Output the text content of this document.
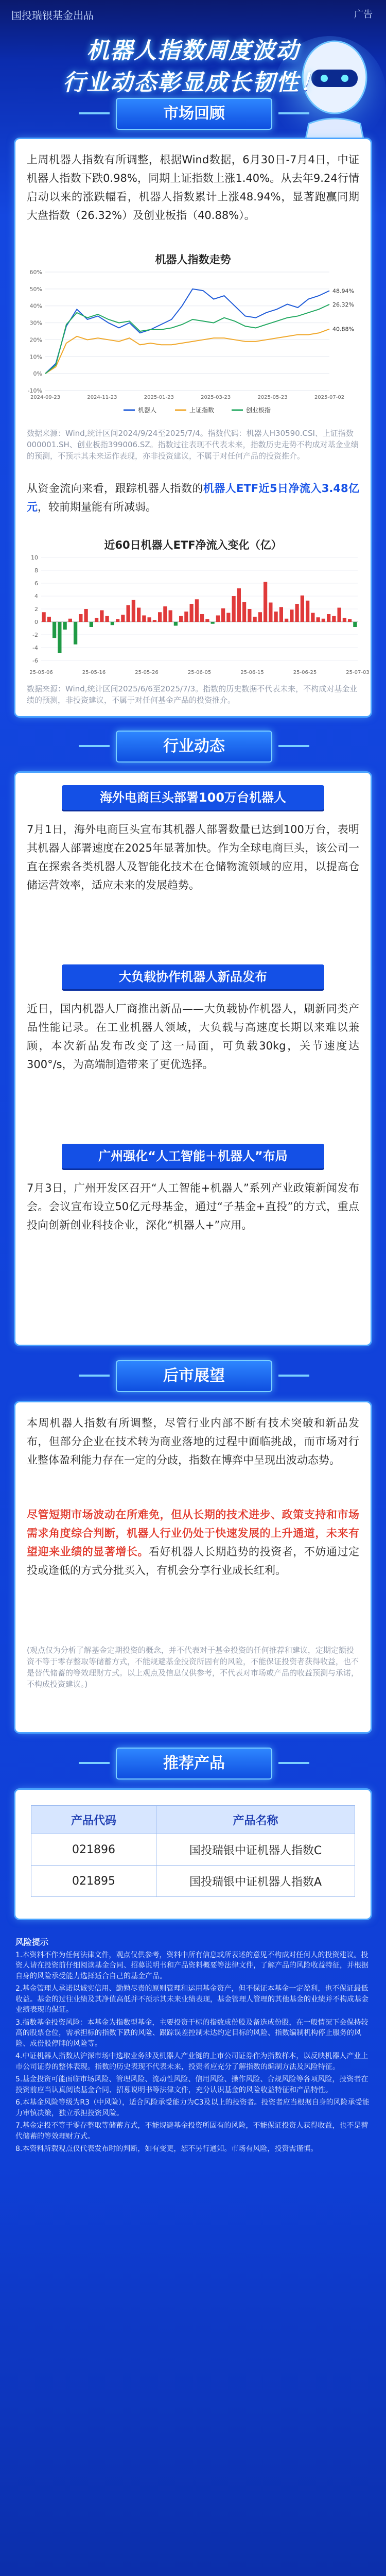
国投瑞银基金出品	广告
机器人指数周度波动
行业动态彰显成长韧性！
市场回顾
上周机器人指数有所调整，根据Wind数据，6月30日-7月4日，中证机器人指数下跌0.98%，同期上证指数上涨1.40%。从去年9.24行情启动以来的涨跌幅看，机器人指数累计上涨48.94%，显著跑赢同期大盘指数（26.32%）及创业板指（40.88%）。
机器人指数走势
-10%
0%
10%
20%
30%
40%
50%
60%
2024-09-23	2024-11-23	2025-01-23	2025-03-23	2025-05-23	2025-07-02
48.94%
40.88%
26.32%
机器人	上证指数	创业板指
数据来源：Wind,统计区间2024/9/24至2025/7/4。指数代码：机器人H30590.CSI、上证指数000001.SH、创业板指399006.SZ。指数过往表现不代表未来，指数历史走势不构成对基金业绩的预测，不预示其未来运作表现，亦非投资建议，不属于对任何产品的投资推介。
从资金流向来看，跟踪机器人指数的机器人ETF近5日净流入3.48亿元，较前期量能有所减弱。
近60日机器人ETF净流入变化（亿）
-6
-4
-2
0
2
4
6
8
10
25-05-06	25-05-16	25-05-26	25-06-05	25-06-15	25-06-25	25-07-03
数据来源：Wind,统计区间2025/6/6至2025/7/3。指数的历史数据不代表未来，不构成对基金业绩的预测，非投资建议，不属于对任何基金产品的投资推介。
行业动态
海外电商巨头部署100万台机器人
7月1日，海外电商巨头宣布其机器人部署数量已达到100万台，表明其机器人部署速度在2025年显著加快。作为全球电商巨头，该公司一直在探索各类机器人及智能化技术在仓储物流领域的应用，以提高仓储运营效率，适应未来的发展趋势。
大负载协作机器人新品发布
近日，国内机器人厂商推出新品——大负载协作机器人，刷新同类产品性能记录。在工业机器人领域，大负载与高速度长期以来难以兼顾，本次新品发布改变了这一局面，可负载30kg，关节速度达300°/s，为高端制造带来了更优选择。
广州强化“人工智能＋机器人”布局
7月3日，广州开发区召开“人工智能+机器人”系列产业政策新闻发布会。会议宣布设立50亿元母基金，通过“子基金+直投”的方式，重点投向创新创业科技企业，深化“机器人+”应用。
后市展望
本周机器人指数有所调整，尽管行业内部不断有技术突破和新品发布，但部分企业在技术转为商业落地的过程中面临挑战，而市场对行业整体盈利能力存在一定的分歧，指数在博弈中呈现出波动态势。
尽管短期市场波动在所难免，但从长期的技术进步、政策支持和市场需求角度综合判断，机器人行业仍处于快速发展的上升通道，未来有望迎来业绩的显著增长。看好机器人长期趋势的投资者，不妨通过定投或逢低的方式分批买入，有机会分享行业成长红利。
(观点仅为分析了解基金定期投资的概念，并不代表对于基金投资的任何推荐和建议，定期定额投资不等于零存整取等储蓄方式，不能规避基金投资所固有的风险，不能保证投资者获得收益，也不是替代储蓄的等效理财方式。以上观点及信息仅供参考，不代表对市场或产品的收益预测与承诺，不构成投资建议。)
推荐产品
产品代码	产品名称
021896	国投瑞银中证机器人指数C
021895	国投瑞银中证机器人指数A

风险提示

1.本资料不作为任何法律文件，观点仅供参考，资料中所有信息或所表述的意见不构成对任何人的投资建议。投资人请在投资前仔细阅读基金合同、招募说明书和产品资料概要等法律文件，了解产品的风险收益特征，并根据自身的风险承受能力选择适合自己的基金产品。

2.基金管理人承诺以诚实信用、勤勉尽责的原则管理和运用基金资产，但不保证本基金一定盈利，也不保证最低收益。基金的过往业绩及其净值高低并不预示其未来业绩表现，基金管理人管理的其他基金的业绩并不构成基金业绩表现的保证。

3.指数基金投资风险：本基金为指数型基金，主要投资于标的指数成份股及备选成份股，在一般情况下会保持较高的股票仓位，需承担标的指数下跌的风险、跟踪误差控制未达约定目标的风险、指数编制机构停止服务的风险、成份股停牌的风险等。

4.中证机器人指数从沪深市场中选取业务涉及机器人产业链的上市公司证券作为指数样本，以反映机器人产业上市公司证券的整体表现。指数的历史表现不代表未来，投资者应充分了解指数的编制方法及风险特征。

5.基金投资可能面临市场风险、管理风险、流动性风险、信用风险、操作风险、合规风险等各项风险，投资者在投资前应当认真阅读基金合同、招募说明书等法律文件，充分认识基金的风险收益特征和产品特性。

6.本基金风险等级为R3（中风险），适合风险承受能力为C3及以上的投资者。投资者应当根据自身的风险承受能力审慎决策，独立承担投资风险。

7.基金定投不等于零存整取等储蓄方式，不能规避基金投资所固有的风险，不能保证投资人获得收益，也不是替代储蓄的等效理财方式。

8.本资料所载观点仅代表发布时的判断，如有变更，恕不另行通知。市场有风险，投资需谨慎。
